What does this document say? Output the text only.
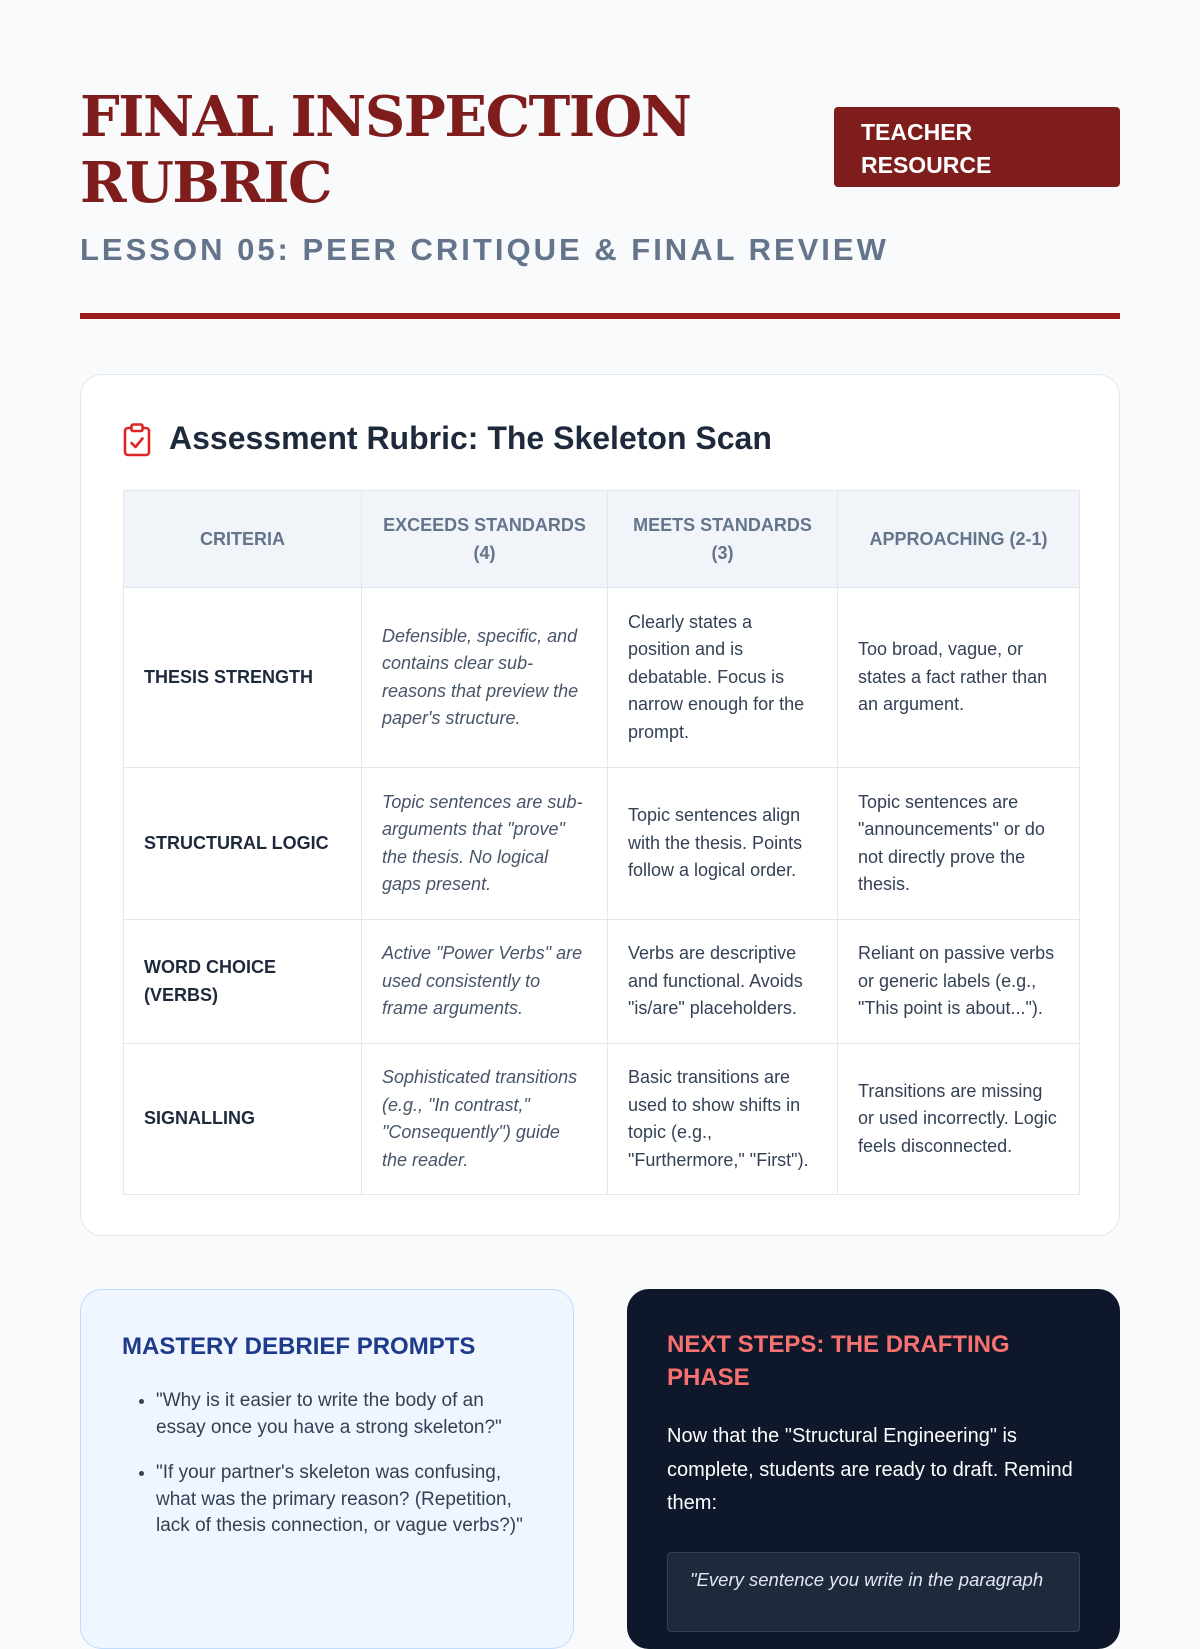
FINAL INSPECTION RUBRIC
TEACHER RESOURCE
LESSON 05: PEER CRITIQUE & FINAL REVIEW
Assessment Rubric: The Skeleton Scan
CRITERIA	EXCEEDS STANDARDS (4)	MEETS STANDARDS (3)	APPROACHING (2-1)
THESIS STRENGTH	Defensible, specific, and contains clear sub-reasons that preview the paper's structure.	Clearly states a position and is debatable. Focus is narrow enough for the prompt.	Too broad, vague, or states a fact rather than an argument.
STRUCTURAL LOGIC	Topic sentences are sub-arguments that "prove" the thesis. No logical gaps present.	Topic sentences align with the thesis. Points follow a logical order.	Topic sentences are "announcements" or do not directly prove the thesis.
WORD CHOICE (VERBS)	Active "Power Verbs" are used consistently to frame arguments.	Verbs are descriptive and functional. Avoids "is/are" placeholders.	Reliant on passive verbs or generic labels (e.g., "This point is about...").
SIGNALLING	Sophisticated transitions (e.g., "In contrast," "Consequently") guide the reader.	Basic transitions are used to show shifts in topic (e.g., "Furthermore," "First").	Transitions are missing or used incorrectly. Logic feels disconnected.
MASTERY DEBRIEF PROMPTS
• "Why is it easier to write the body of an essay once you have a strong skeleton?"
• "If your partner's skeleton was confusing, what was the primary reason? (Repetition, lack of thesis connection, or vague verbs?)"
NEXT STEPS: THE DRAFTING PHASE

Now that the "Structural Engineering" is complete, students are ready to draft. Remind them:

"Every sentence you write in the paragraph
